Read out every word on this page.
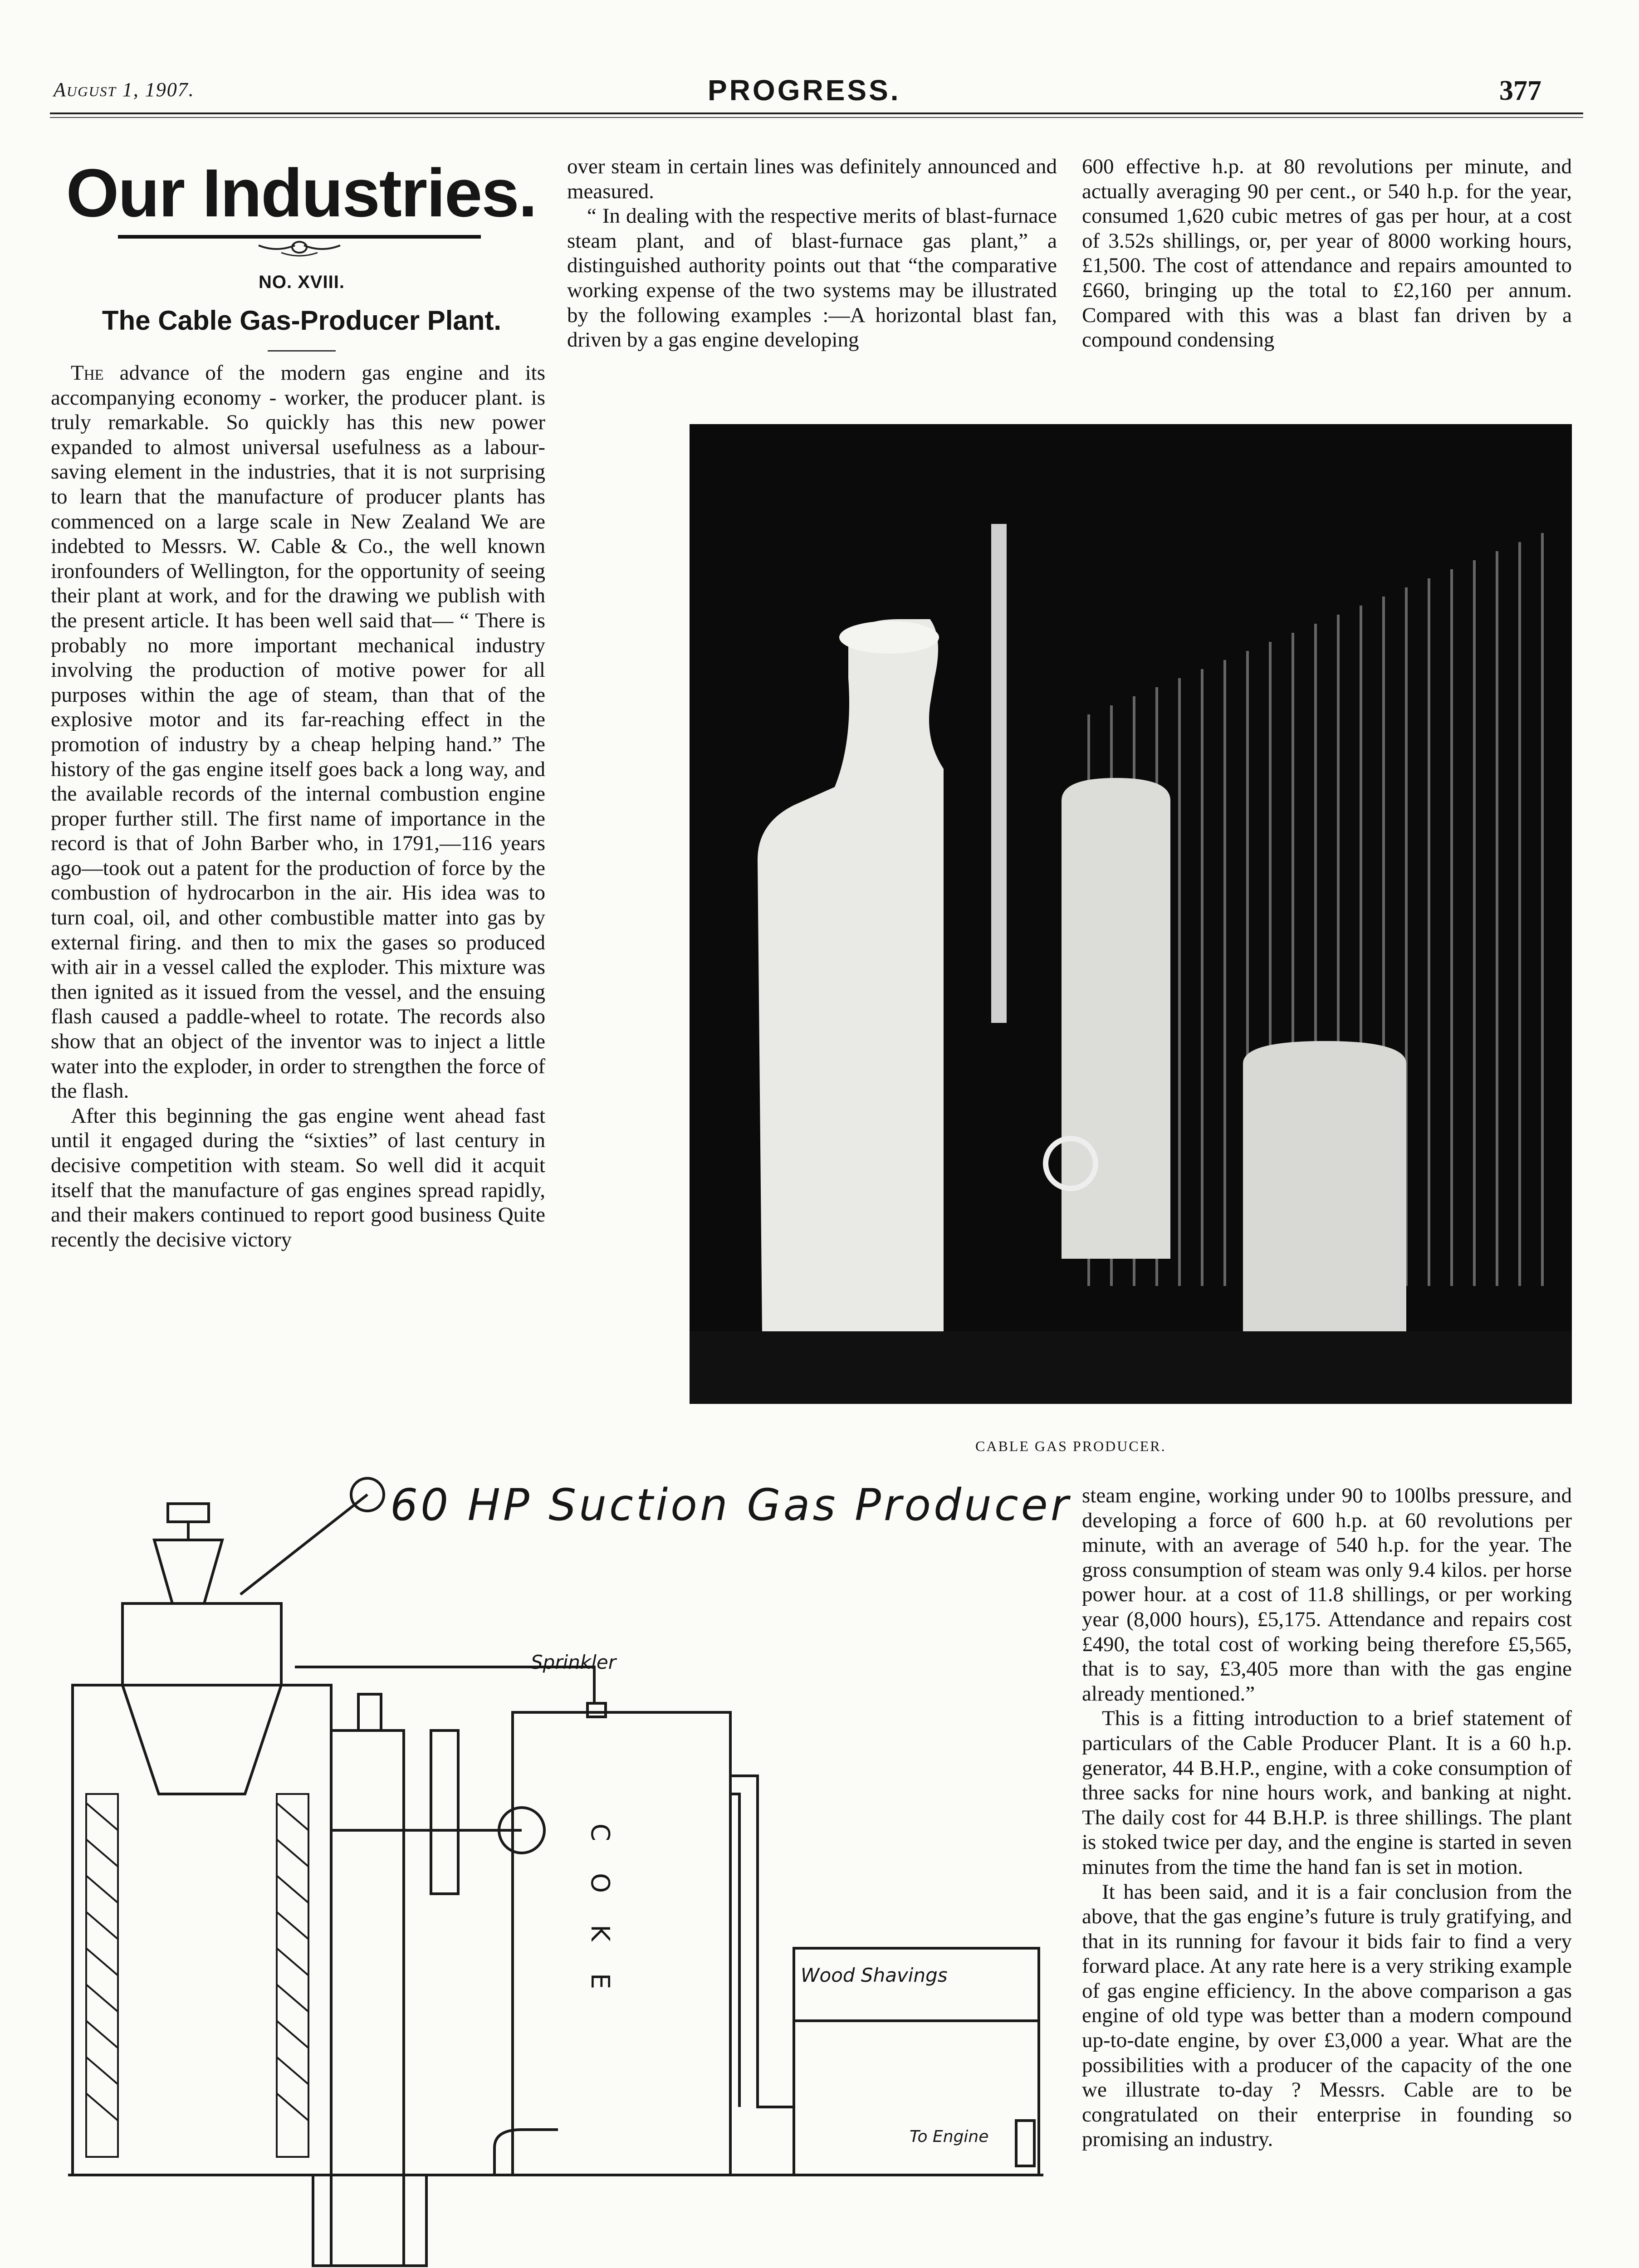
August 1, 1907.	PROGRESS.	377
Our Industries.
NO. XVIII.
The Cable Gas-Producer Plant.

The advance of the modern gas engine and its accompanying economy - worker, the producer plant. is truly remarkable. So quickly has this new power expanded to almost universal usefulness as a labour-saving element in the industries, that it is not surprising to learn that the manufacture of producer plants has commenced on a large scale in New Zealand We are indebted to Messrs. W. Cable & Co., the well known ironfounders of Wellington, for the opportunity of seeing their plant at work, and for the drawing we publish with the present article. It has been well said that— “ There is probably no more important mechanical industry involving the production of motive power for all purposes within the age of steam, than that of the explosive motor and its far-reaching effect in the promotion of industry by a cheap helping hand.” The history of the gas engine itself goes back a long way, and the available records of the internal combustion engine proper further still. The first name of importance in the record is that of John Barber who, in 1791,—116 years ago—took out a patent for the production of force by the combustion of hydrocarbon in the air. His idea was to turn coal, oil, and other combustible matter into gas by external firing. and then to mix the gases so produced with air in a vessel called the exploder. This mixture was then ignited as it issued from the vessel, and the ensuing flash caused a paddle-wheel to rotate. The records also show that an object of the inventor was to inject a little water into the exploder, in order to strengthen the force of the flash.

After this beginning the gas engine went ahead fast until it engaged during the “sixties” of last century in decisive competition with steam. So well did it acquit itself that the manufacture of gas engines spread rapidly, and their makers continued to report good business Quite recently the decisive victory

over steam in certain lines was definitely announced and measured.

“ In dealing with the respective merits of blast-furnace steam plant, and of blast-furnace gas plant,” a distinguished authority points out that “the comparative working expense of the two systems may be illustrated by the following examples :—A horizontal blast fan, driven by a gas engine developing

600 effective h.p. at 80 revolutions per minute, and actually averaging 90 per cent., or 540 h.p. for the year, consumed 1,620 cubic metres of gas per hour, at a cost of 3.52s shillings, or, per year of 8000 working hours, £1,500. The cost of attendance and repairs amounted to £660, bringing up the total to £2,160 per annum. Compared with this was a blast fan driven by a compound condensing

CABLE GAS PRODUCER.
60 HP Suction Gas Producer
Sprinkler
COKE	Wood Shavings
To Engine

steam engine, working under 90 to 100lbs pressure, and developing a force of 600 h.p. at 60 revolutions per minute, with an average of 540 h.p. for the year. The gross consumption of steam was only 9.4 kilos. per horse power hour. at a cost of 11.8 shillings, or per working year (8,000 hours), £5,175. Attendance and repairs cost £490, the total cost of working being therefore £5,565, that is to say, £3,405 more than with the gas engine already mentioned.”

This is a fitting introduction to a brief statement of particulars of the Cable Producer Plant. It is a 60 h.p. generator, 44 B.H.P., engine, with a coke consumption of three sacks for nine hours work, and banking at night. The daily cost for 44 B.H.P. is three shillings. The plant is stoked twice per day, and the engine is started in seven minutes from the time the hand fan is set in motion.

It has been said, and it is a fair conclusion from the above, that the gas engine’s future is truly gratifying, and that in its running for favour it bids fair to find a very forward place. At any rate here is a very striking example of gas engine efficiency. In the above comparison a gas engine of old type was better than a modern compound up-to-date engine, by over £3,000 a year. What are the possibilities with a producer of the capacity of the one we illustrate to-day ? Messrs. Cable are to be congratulated on their enterprise in founding so promising an industry.
